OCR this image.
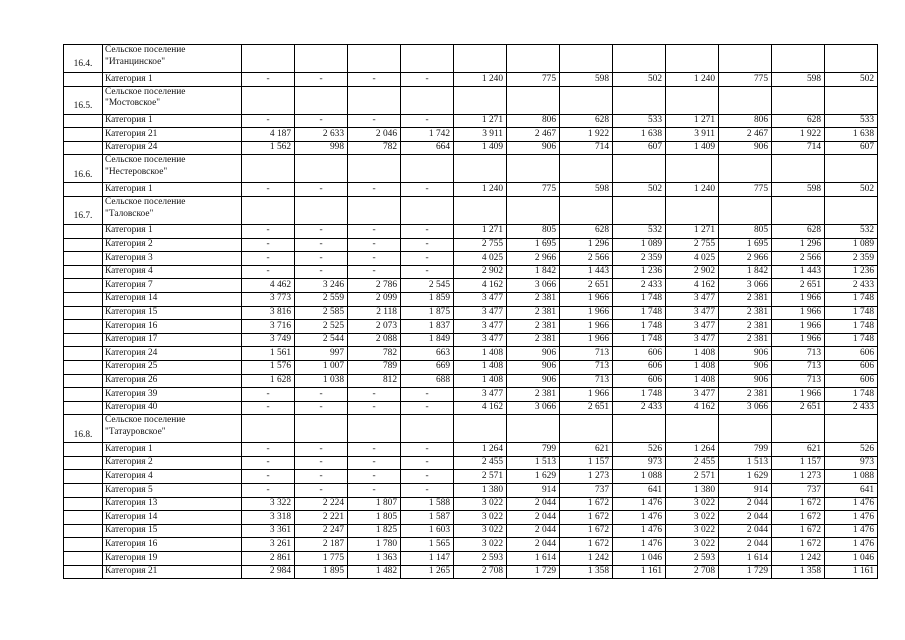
16.4.	Сельское поселение
"Итанцинское"												

	Категория 1	-	-	-	-	1 240	775	598	502	1 240	775	598	502
16.5.	Сельское поселение
"Мостовское"												

	Категория 1	-	-	-	-	1 271	806	628	533	1 271	806	628	533
	Категория 21	4 187	2 633	2 046	1 742	3 911	2 467	1 922	1 638	3 911	2 467	1 922	1 638
	Категория 24	1 562	998	782	664	1 409	906	714	607	1 409	906	714	607
16.6.	Сельское поселение
"Нестеровское"												

	Категория 1	-	-	-	-	1 240	775	598	502	1 240	775	598	502
16.7.	Сельское поселение
"Таловское"												

	Категория 1	-	-	-	-	1 271	805	628	532	1 271	805	628	532
	Категория 2	-	-	-	-	2 755	1 695	1 296	1 089	2 755	1 695	1 296	1 089
	Категория 3	-	-	-	-	4 025	2 966	2 566	2 359	4 025	2 966	2 566	2 359
	Категория 4	-	-	-	-	2 902	1 842	1 443	1 236	2 902	1 842	1 443	1 236
	Категория 7	4 462	3 246	2 786	2 545	4 162	3 066	2 651	2 433	4 162	3 066	2 651	2 433
	Категория 14	3 773	2 559	2 099	1 859	3 477	2 381	1 966	1 748	3 477	2 381	1 966	1 748
	Категория 15	3 816	2 585	2 118	1 875	3 477	2 381	1 966	1 748	3 477	2 381	1 966	1 748
	Категория 16	3 716	2 525	2 073	1 837	3 477	2 381	1 966	1 748	3 477	2 381	1 966	1 748
	Категория 17	3 749	2 544	2 088	1 849	3 477	2 381	1 966	1 748	3 477	2 381	1 966	1 748
	Категория 24	1 561	997	782	663	1 408	906	713	606	1 408	906	713	606
	Категория 25	1 576	1 007	789	669	1 408	906	713	606	1 408	906	713	606
	Категория 26	1 628	1 038	812	688	1 408	906	713	606	1 408	906	713	606
	Категория 39	-	-	-	-	3 477	2 381	1 966	1 748	3 477	2 381	1 966	1 748
	Категория 40	-	-	-	-	4 162	3 066	2 651	2 433	4 162	3 066	2 651	2 433
16.8.	Сельское поселение
"Татауровское"												

	Категория 1	-	-	-	-	1 264	799	621	526	1 264	799	621	526
	Категория 2	-	-	-	-	2 455	1 513	1 157	973	2 455	1 513	1 157	973
	Категория 4	-	-	-	-	2 571	1 629	1 273	1 088	2 571	1 629	1 273	1 088
	Категория 5	-	-	-	-	1 380	914	737	641	1 380	914	737	641
	Категория 13	3 322	2 224	1 807	1 588	3 022	2 044	1 672	1 476	3 022	2 044	1 672	1 476
	Категория 14	3 318	2 221	1 805	1 587	3 022	2 044	1 672	1 476	3 022	2 044	1 672	1 476
	Категория 15	3 361	2 247	1 825	1 603	3 022	2 044	1 672	1 476	3 022	2 044	1 672	1 476
	Категория 16	3 261	2 187	1 780	1 565	3 022	2 044	1 672	1 476	3 022	2 044	1 672	1 476
	Категория 19	2 861	1 775	1 363	1 147	2 593	1 614	1 242	1 046	2 593	1 614	1 242	1 046
	Категория 21	2 984	1 895	1 482	1 265	2 708	1 729	1 358	1 161	2 708	1 729	1 358	1 161
